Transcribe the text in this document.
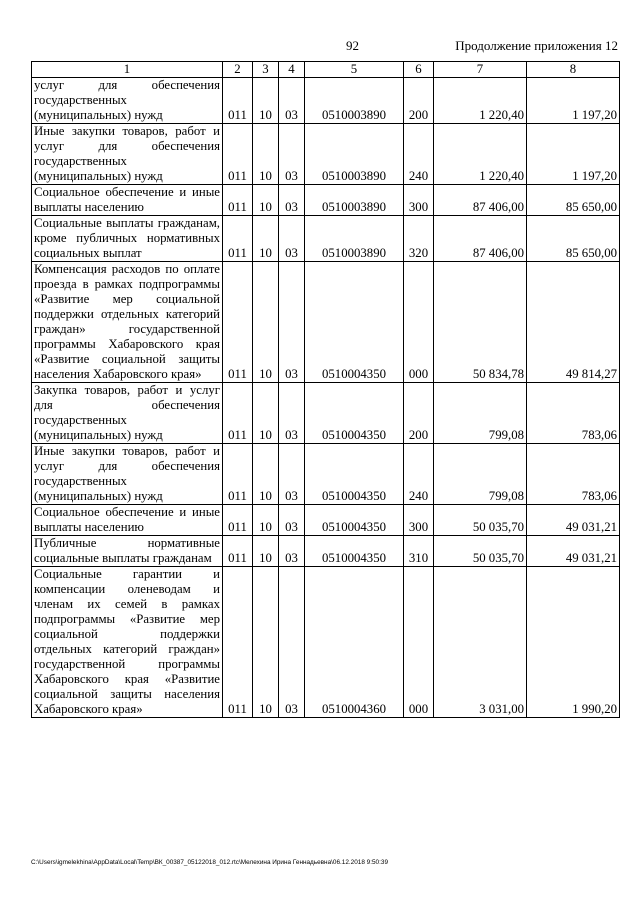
92	Продолжение приложения 12
1	2	3	4	5	6	7	8
услуг для обеспечения государственных (муниципальных) нужд	011	10	03	0510003890	200	1 220,40	1 197,20
Иные закупки товаров, работ и услуг для обеспечения государственных (муниципальных) нужд	011	10	03	0510003890	240	1 220,40	1 197,20
Социальное обеспечение и иные выплаты населению	011	10	03	0510003890	300	87 406,00	85 650,00
Социальные выплаты гражданам, кроме публичных нормативных социальных выплат	011	10	03	0510003890	320	87 406,00	85 650,00
Компенсация расходов по оплате проезда в рамках подпрограммы «Развитие мер социальной поддержки отдельных категорий граждан» государственной программы Хабаровского края «Развитие социальной защиты населения Хабаровского края»	011	10	03	0510004350	000	50 834,78	49 814,27
Закупка товаров, работ и услуг для обеспечения государственных (муниципальных) нужд	011	10	03	0510004350	200	799,08	783,06
Иные закупки товаров, работ и услуг для обеспечения государственных (муниципальных) нужд	011	10	03	0510004350	240	799,08	783,06
Социальное обеспечение и иные выплаты населению	011	10	03	0510004350	300	50 035,70	49 031,21
Публичные нормативные социальные выплаты гражданам	011	10	03	0510004350	310	50 035,70	49 031,21
Социальные гарантии и компенсации оленеводам и членам их семей в рамках подпрограммы «Развитие мер социальной поддержки отдельных категорий граждан» государственной программы Хабаровского края «Развитие социальной защиты населения Хабаровского края»	011	10	03	0510004360	000	3 031,00	1 990,20
C:\Users\igmelekhina\AppData\Local\Temp\ВК_00387_05122018_012.rtc\Мелехина Ирина Геннадьевна\06.12.2018 9:50:39
